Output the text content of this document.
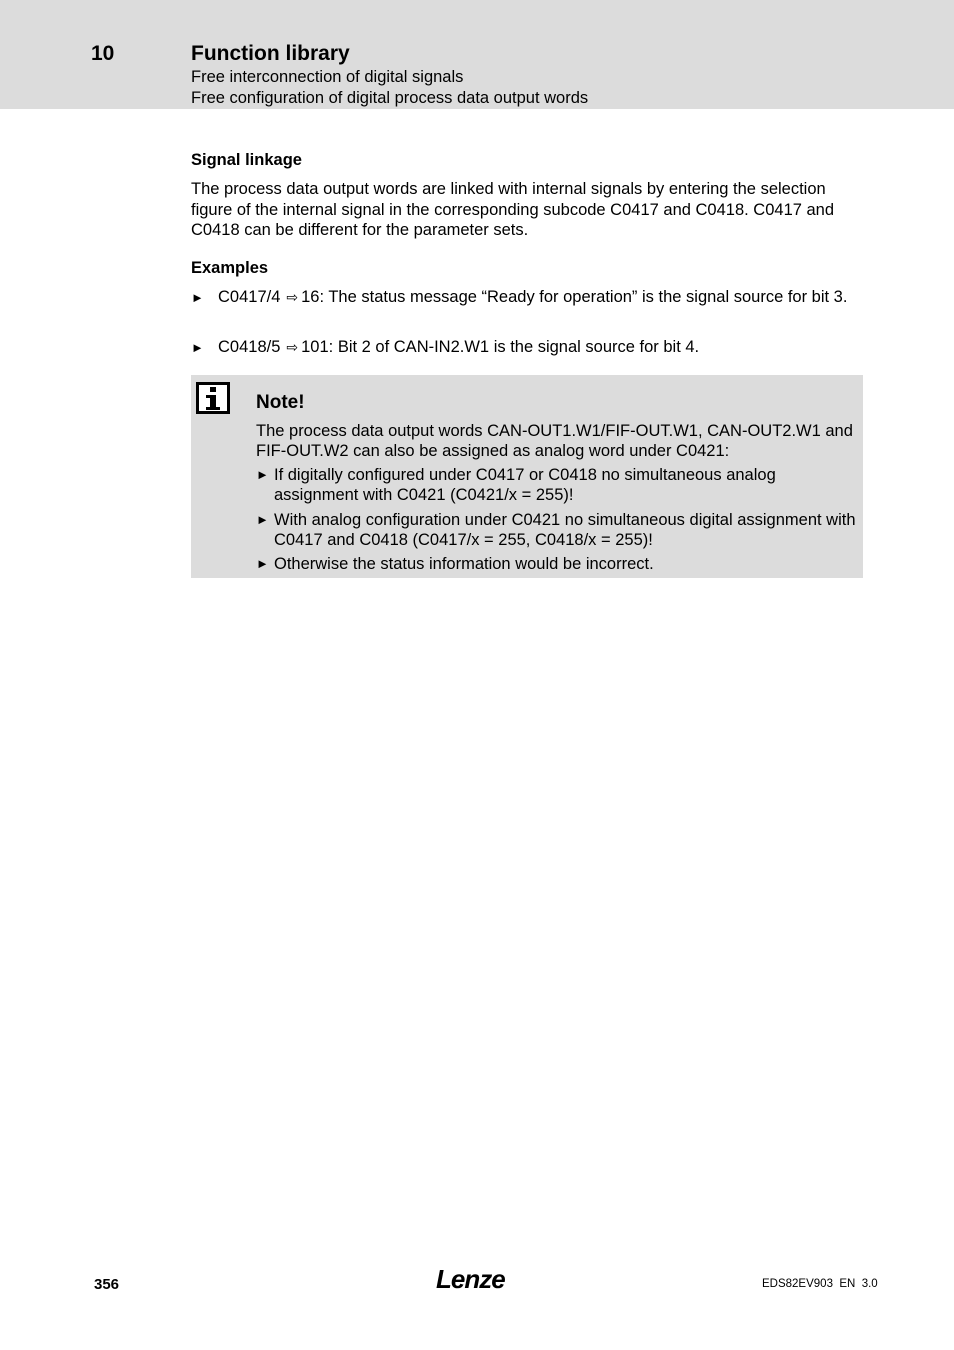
10	Function library
Free interconnection of digital signals
Free configuration of digital process data output words
Signal linkage
The process data output words are linked with internal signals by entering the selection figure of the internal signal in the corresponding subcode C0417 and C0418. C0417 and C0418 can be different for the parameter sets.
Examples
► C0417/4 ⇨ 16: The status message “Ready for operation” is the signal source for bit 3.
► C0418/5 ⇨ 101: Bit 2 of CAN-IN2.W1 is the signal source for bit 4.
Note!
The process data output words CAN-OUT1.W1/FIF-OUT.W1, CAN-OUT2.W1 and FIF-OUT.W2 can also be assigned as analog word under C0421:
► If digitally configured under C0417 or C0418 no simultaneous analog assignment with C0421 (C0421/x = 255)!
► With analog configuration under C0421 no simultaneous digital assignment with C0417 and C0418 (C0417/x = 255, C0418/x = 255)!
► Otherwise the status information would be incorrect.
356	Lenze	EDS82EV903  EN  3.0
